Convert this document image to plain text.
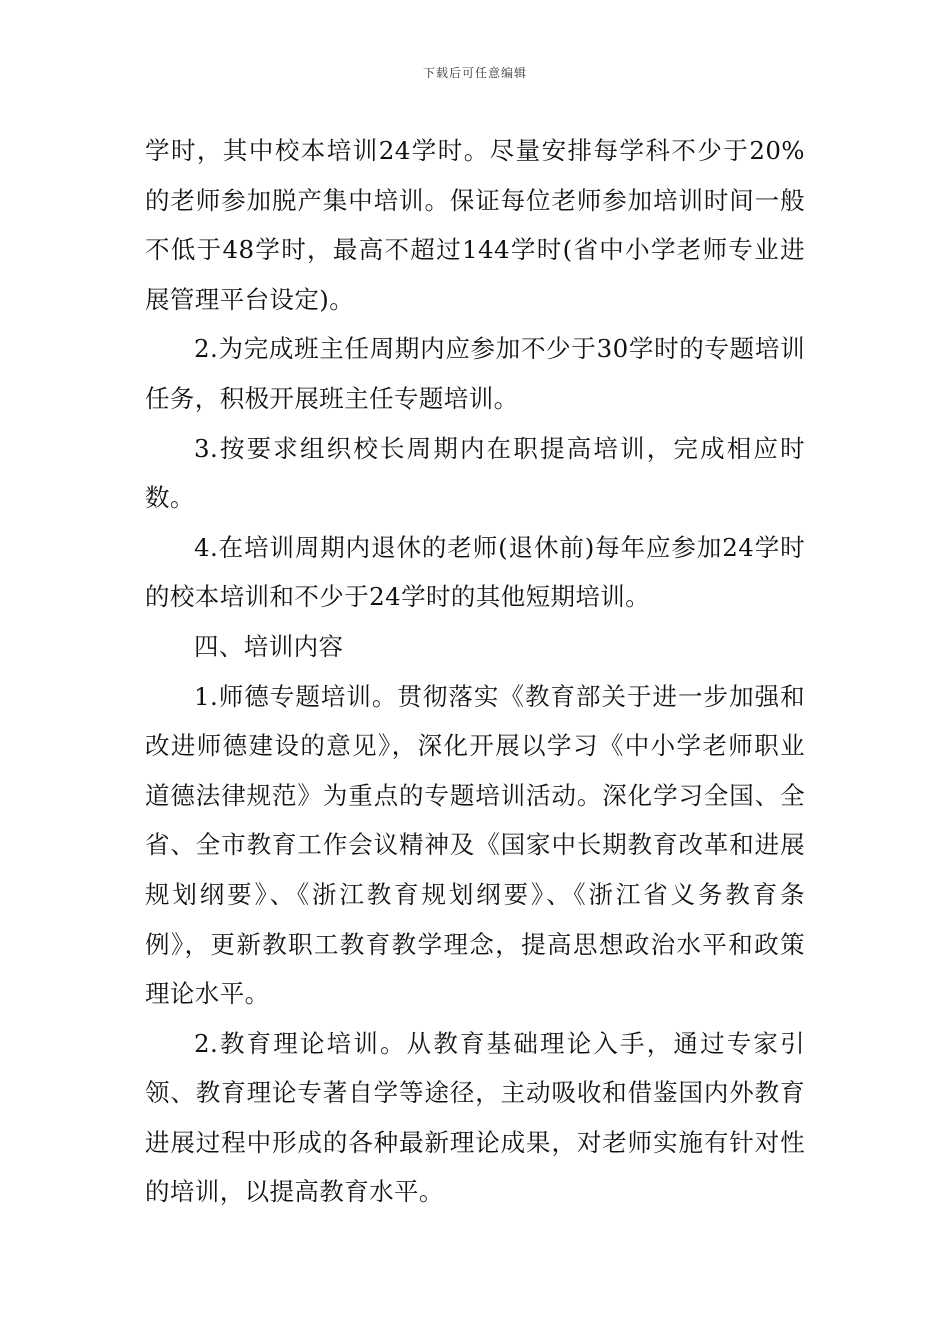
下载后可任意编辑

学时，其中校本培训24学时。尽量安排每学科不少于20%的老师参加脱产集中培训。保证每位老师参加培训时间一般不低于48学时，最高不超过144学时(省中小学老师专业进展管理平台设定)。

2.为完成班主任周期内应参加不少于30学时的专题培训任务，积极开展班主任专题培训。

3.按要求组织校长周期内在职提高培训，完成相应时数。

4.在培训周期内退休的老师(退休前)每年应参加24学时的校本培训和不少于24学时的其他短期培训。

四、培训内容

1.师德专题培训。贯彻落实《教育部关于进一步加强和改进师德建设的意见》，深化开展以学习《中小学老师职业道德法律规范》为重点的专题培训活动。深化学习全国、全省、全市教育工作会议精神及《国家中长期教育改革和进展规划纲要》、《浙江教育规划纲要》、《浙江省义务教育条例》，更新教职工教育教学理念，提高思想政治水平和政策理论水平。

2.教育理论培训。从教育基础理论入手，通过专家引领、教育理论专著自学等途径，主动吸收和借鉴国内外教育进展过程中形成的各种最新理论成果，对老师实施有针对性的培训，以提高教育水平。
